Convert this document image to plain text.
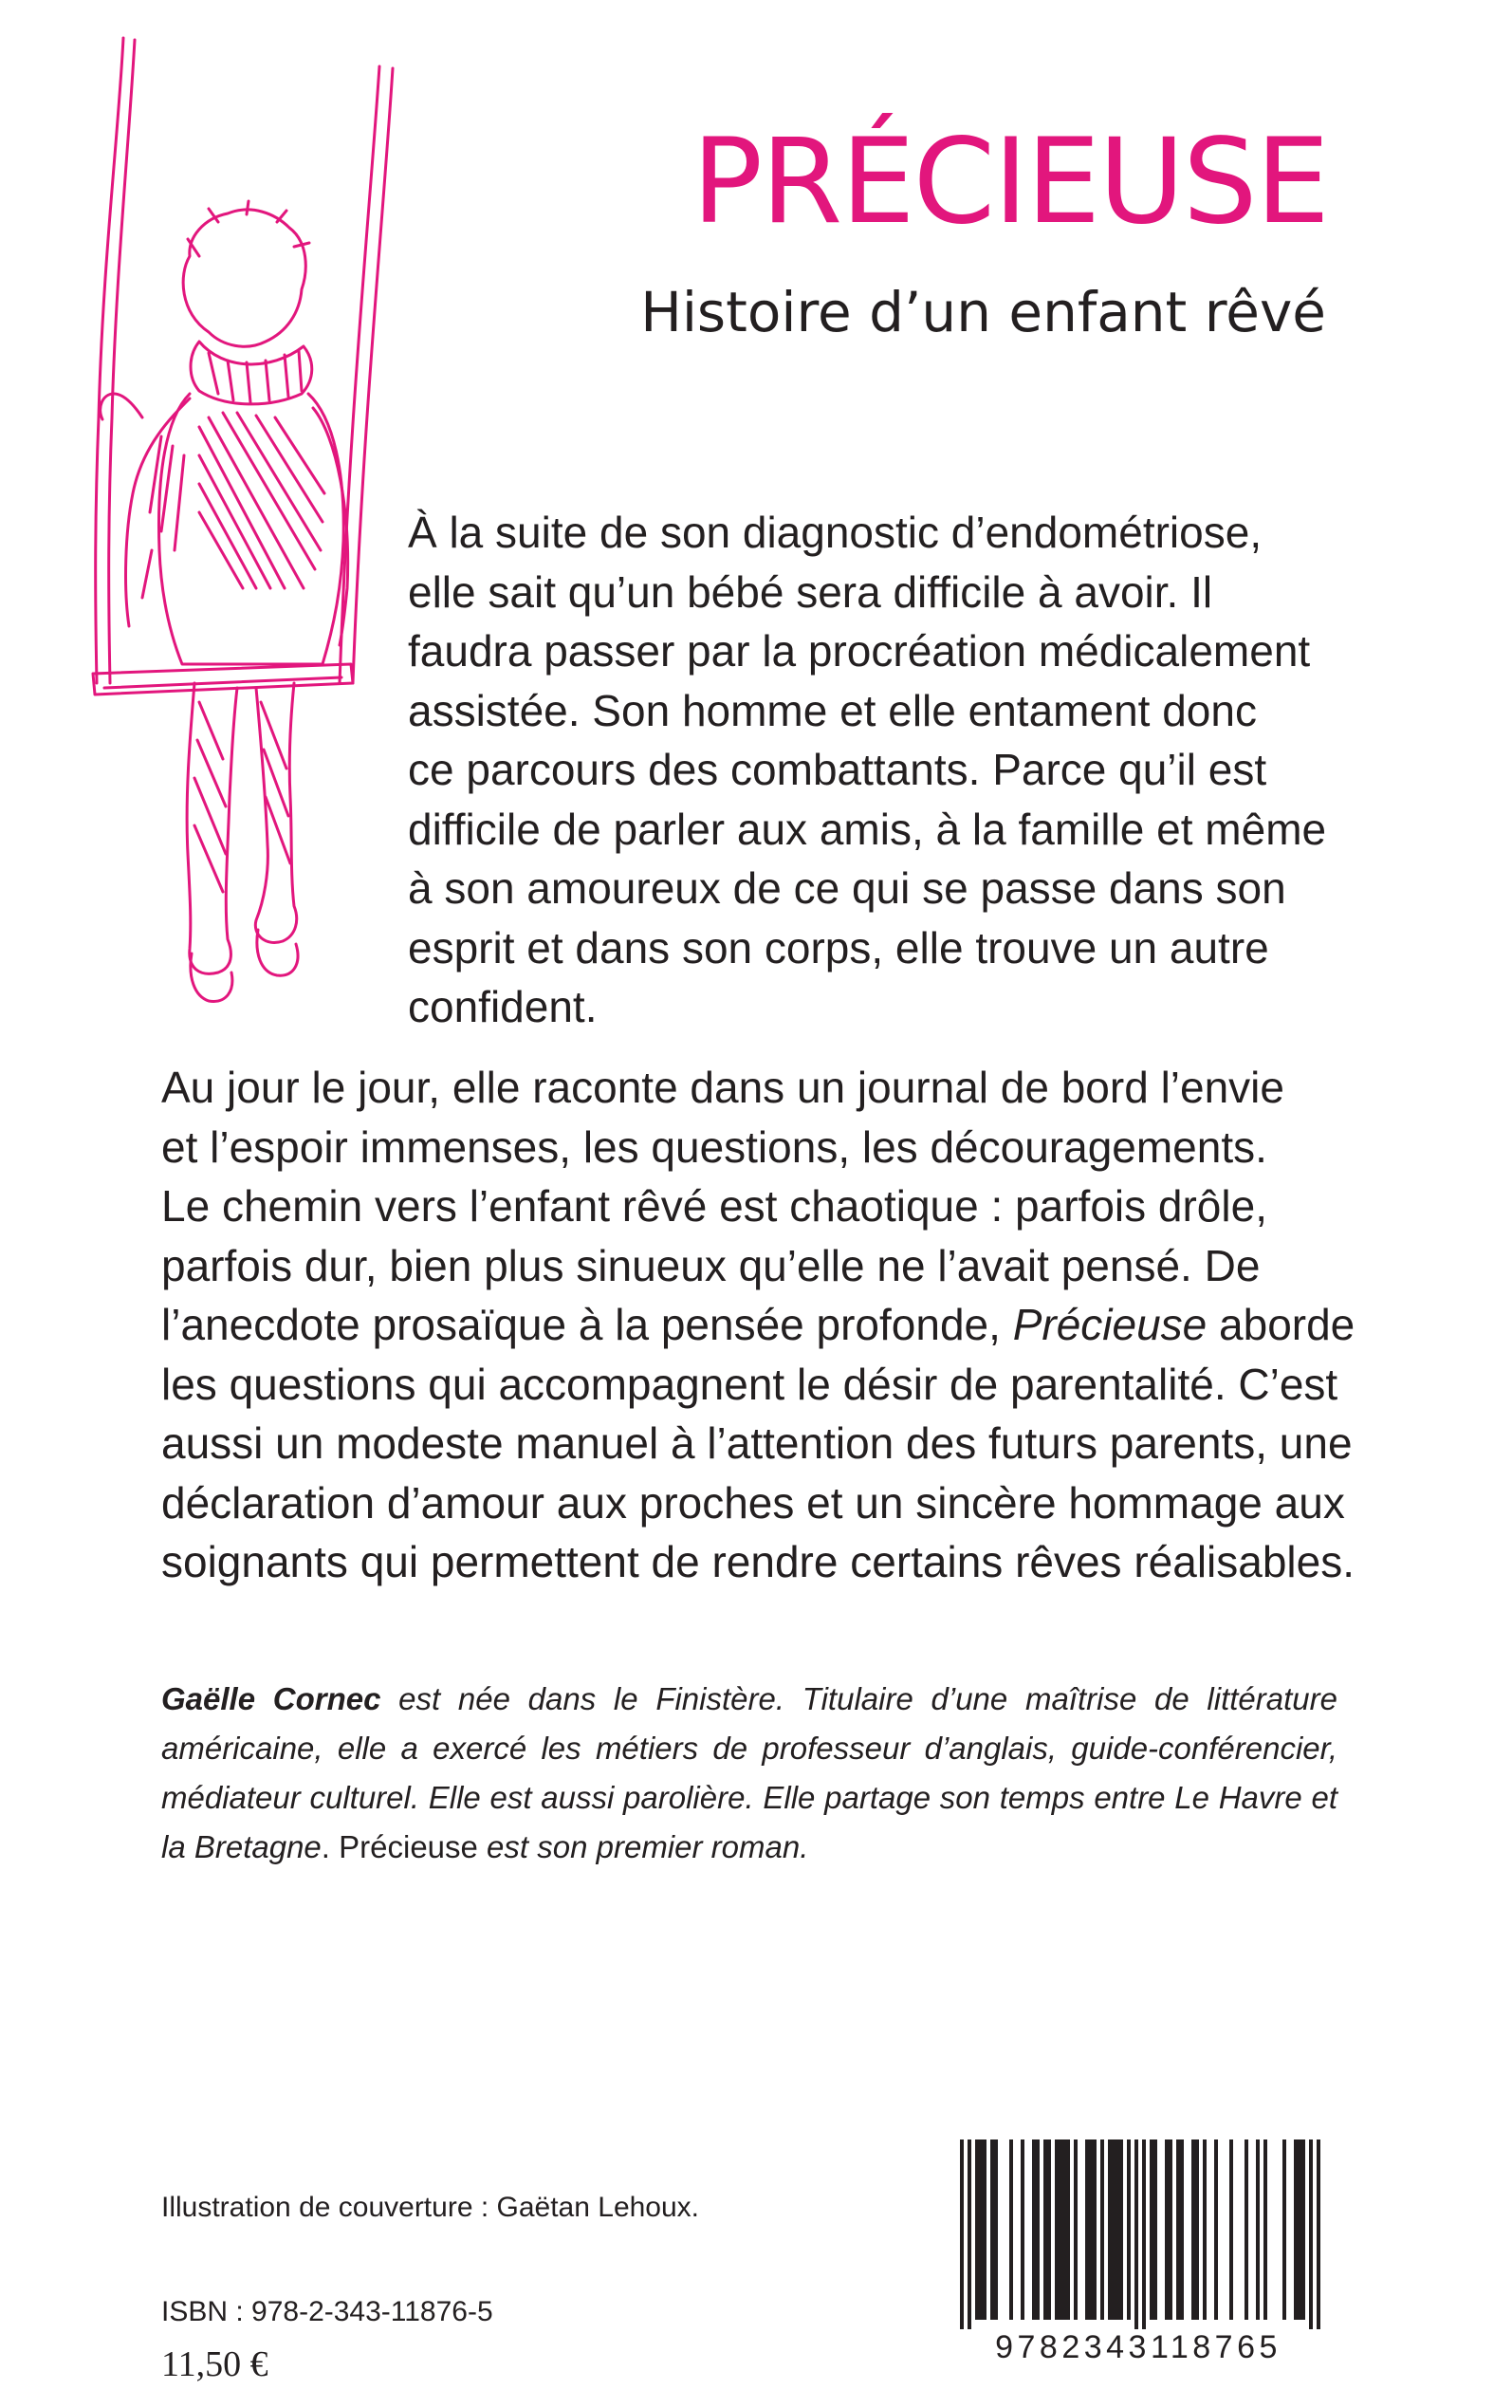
PRÉCIEUSE
Histoire d’un enfant rêvé
À la suite de son diagnostic d’endométriose,
elle sait qu’un bébé sera difficile à avoir. Il
faudra passer par la procréation médicalement
assistée. Son homme et elle entament donc
ce parcours des combattants. Parce qu’il est
difficile de parler aux amis, à la famille et même
à son amoureux de ce qui se passe dans son
esprit et dans son corps, elle trouve un autre
confident.
Au jour le jour, elle raconte dans un journal de bord l’envie
et l’espoir immenses, les questions, les découragements.
Le chemin vers l’enfant rêvé est chaotique : parfois drôle,
parfois dur, bien plus sinueux qu’elle ne l’avait pensé. De
l’anecdote prosaïque à la pensée profonde, Précieuse aborde
les questions qui accompagnent le désir de parentalité. C’est
aussi un modeste manuel à l’attention des futurs parents, une
déclaration d’amour aux proches et un sincère hommage aux
soignants qui permettent de rendre certains rêves réalisables.

Gaëlle Cornec est née dans le Finistère. Titulaire d’une maîtrise de littérature américaine, elle a exercé les métiers de professeur d’anglais, guide-conférencier, médiateur culturel. Elle est aussi parolière. Elle partage son temps entre Le Havre et la Bretagne. Précieuse est son premier roman.

Illustration de couverture : Gaëtan Lehoux.
ISBN : 978-2-343-11876-5
11,50 €	9782343118765
